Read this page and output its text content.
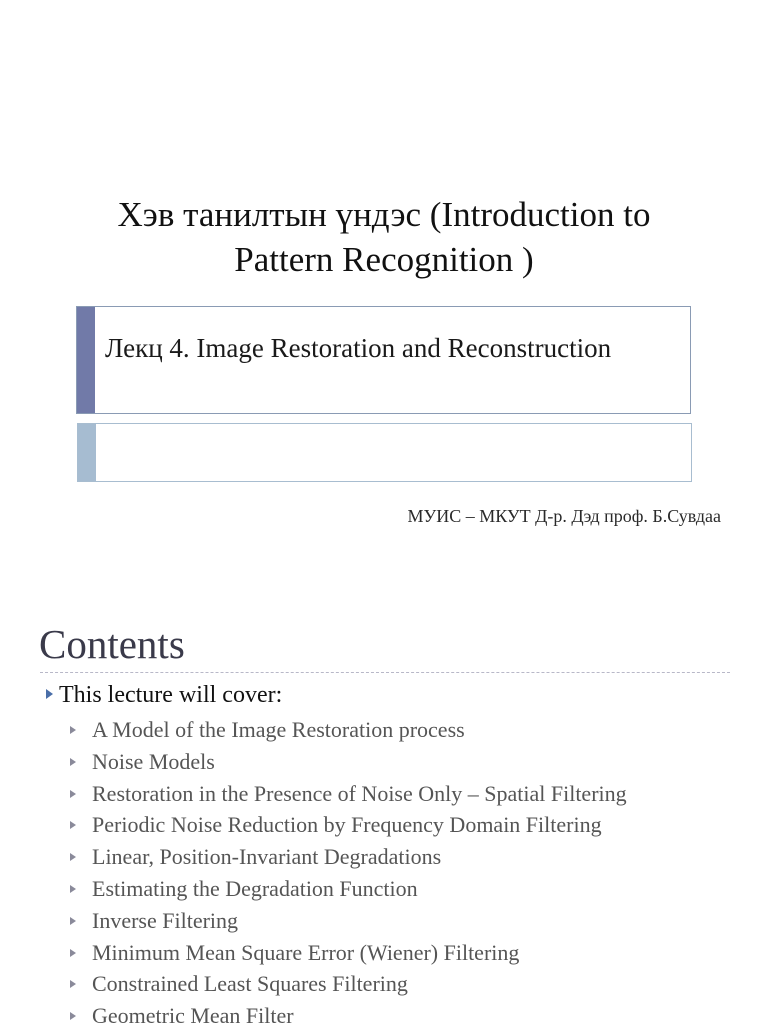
Хэв танилтын үндэс (Introduction to
Pattern Recognition )
Лекц 4. Image Restoration and Reconstruction
МУИС – МКУТ Д-р. Дэд проф. Б.Сувдаа
Contents
This lecture will cover:
A Model of the Image Restoration process
Noise Models
Restoration in the Presence of Noise Only – Spatial Filtering
Periodic Noise Reduction by Frequency Domain Filtering
Linear, Position-Invariant Degradations
Estimating the Degradation Function
Inverse Filtering
Minimum Mean Square Error (Wiener) Filtering
Constrained Least Squares Filtering
Geometric Mean Filter
